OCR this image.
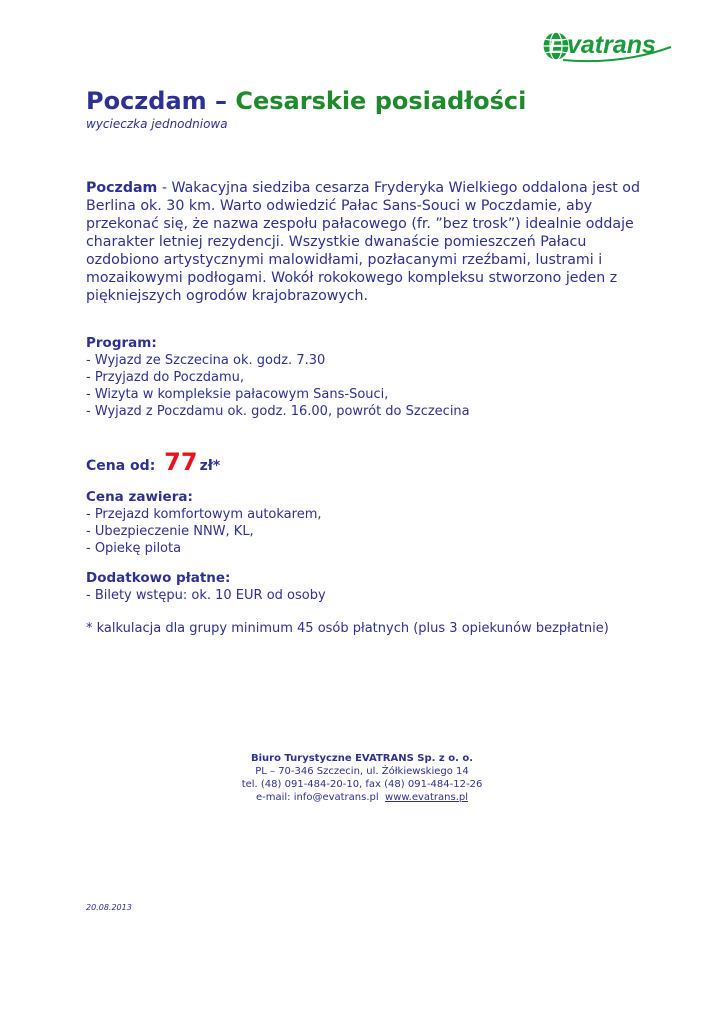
E vatrans
Poczdam – Cesarskie posiadłości
wycieczka jednodniowa
Poczdam - Wakacyjna siedziba cesarza Fryderyka Wielkiego oddalona jest od Berlina ok. 30 km. Warto odwiedzić Pałac Sans-Souci w Poczdamie, aby przekonać się, że nazwa zespołu pałacowego (fr. ”bez trosk”) idealnie oddaje charakter letniej rezydencji. Wszystkie dwanaście pomieszczeń Pałacu ozdobiono artystycznymi malowidłami, pozłacanymi rzeźbami, lustrami i mozaikowymi podłogami. Wokół rokokowego kompleksu stworzono jeden z piękniejszych ogrodów krajobrazowych.
Program:
- Wyjazd ze Szczecina ok. godz. 7.30
- Przyjazd do Poczdamu,
- Wizyta w kompleksie pałacowym Sans-Souci,
- Wyjazd z Poczdamu ok. godz. 16.00, powrót do Szczecina
Cena od: 77 zł*
Cena zawiera:
- Przejazd komfortowym autokarem,
- Ubezpieczenie NNW, KL,
- Opiekę pilota
Dodatkowo płatne:
- Bilety wstępu: ok. 10 EUR od osoby
* kalkulacja dla grupy minimum 45 osób płatnych (plus 3 opiekunów bezpłatnie)
Biuro Turystyczne EVATRANS Sp. z o. o.
PL – 70-346 Szczecin, ul. Żółkiewskiego 14
tel. (48) 091-484-20-10, fax (48) 091-484-12-26
e-mail: info@evatrans.pl www.evatrans.pl
20.08.2013
